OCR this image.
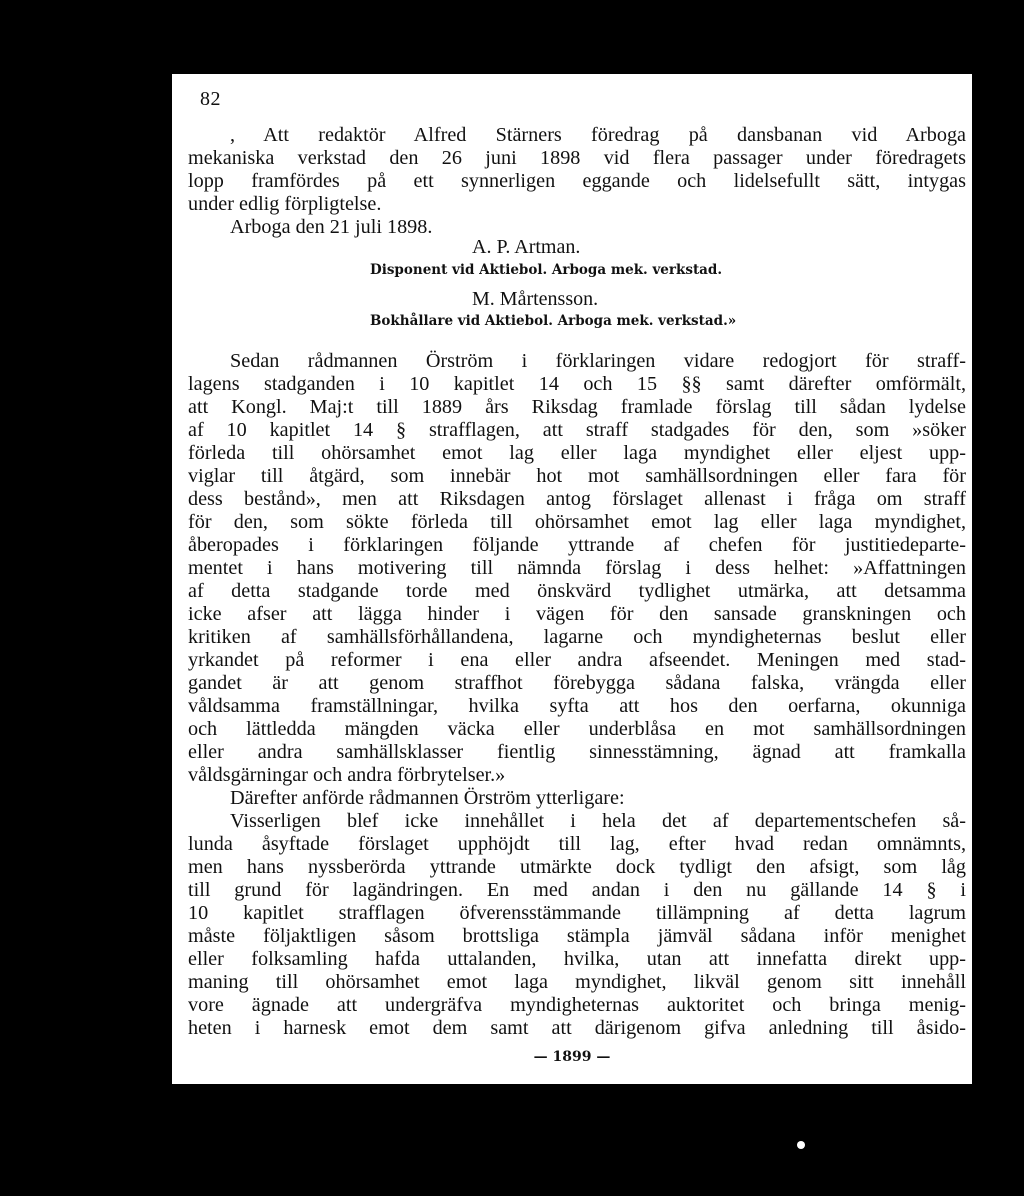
82
, Att redaktör Alfred Stärners föredrag på dansbanan vid Arboga
mekaniska verkstad den 26 juni 1898 vid flera passager under föredragets
lopp framfördes på ett synnerligen eggande och lidelsefullt sätt, intygas
under edlig förpligtelse.
Arboga den 21 juli 1898.
A. P. Artman.
Disponent vid Aktiebol. Arboga mek. verkstad.
M. Mårtensson.
Bokhållare vid Aktiebol. Arboga mek. verkstad.»
Sedan rådmannen Örström i förklaringen vidare redogjort för straff-
lagens stadganden i 10 kapitlet 14 och 15 §§ samt därefter omförmält,
att Kongl. Maj:t till 1889 års Riksdag framlade förslag till sådan lydelse
af 10 kapitlet 14 § strafflagen, att straff stadgades för den, som »söker
förleda till ohörsamhet emot lag eller laga myndighet eller eljest upp-
viglar till åtgärd, som innebär hot mot samhällsordningen eller fara för
dess bestånd», men att Riksdagen antog förslaget allenast i fråga om straff
för den, som sökte förleda till ohörsamhet emot lag eller laga myndighet,
åberopades i förklaringen följande yttrande af chefen för justitiedeparte-
mentet i hans motivering till nämnda förslag i dess helhet: »Affattningen
af detta stadgande torde med önskvärd tydlighet utmärka, att detsamma
icke afser att lägga hinder i vägen för den sansade granskningen och
kritiken af samhällsförhållandena, lagarne och myndigheternas beslut eller
yrkandet på reformer i ena eller andra afseendet. Meningen med stad-
gandet är att genom straffhot förebygga sådana falska, vrängda eller
våldsamma framställningar, hvilka syfta att hos den oerfarna, okunniga
och lättledda mängden väcka eller underblåsa en mot samhällsordningen
eller andra samhällsklasser fientlig sinnesstämning, ägnad att framkalla
våldsgärningar och andra förbrytelser.»
Därefter anförde rådmannen Örström ytterligare:
Visserligen blef icke innehållet i hela det af departementschefen så-
lunda åsyftade förslaget upphöjdt till lag, efter hvad redan omnämnts,
men hans nyssberörda yttrande utmärkte dock tydligt den afsigt, som låg
till grund för lagändringen. En med andan i den nu gällande 14 § i
10 kapitlet strafflagen öfverensstämmande tillämpning af detta lagrum
måste följaktligen såsom brottsliga stämpla jämväl sådana inför menighet
eller folksamling hafda uttalanden, hvilka, utan att innefatta direkt upp-
maning till ohörsamhet emot laga myndighet, likväl genom sitt innehåll
vore ägnade att undergräfva myndigheternas auktoritet och bringa menig-
heten i harnesk emot dem samt att därigenom gifva anledning till åsido-
— 1899 —
